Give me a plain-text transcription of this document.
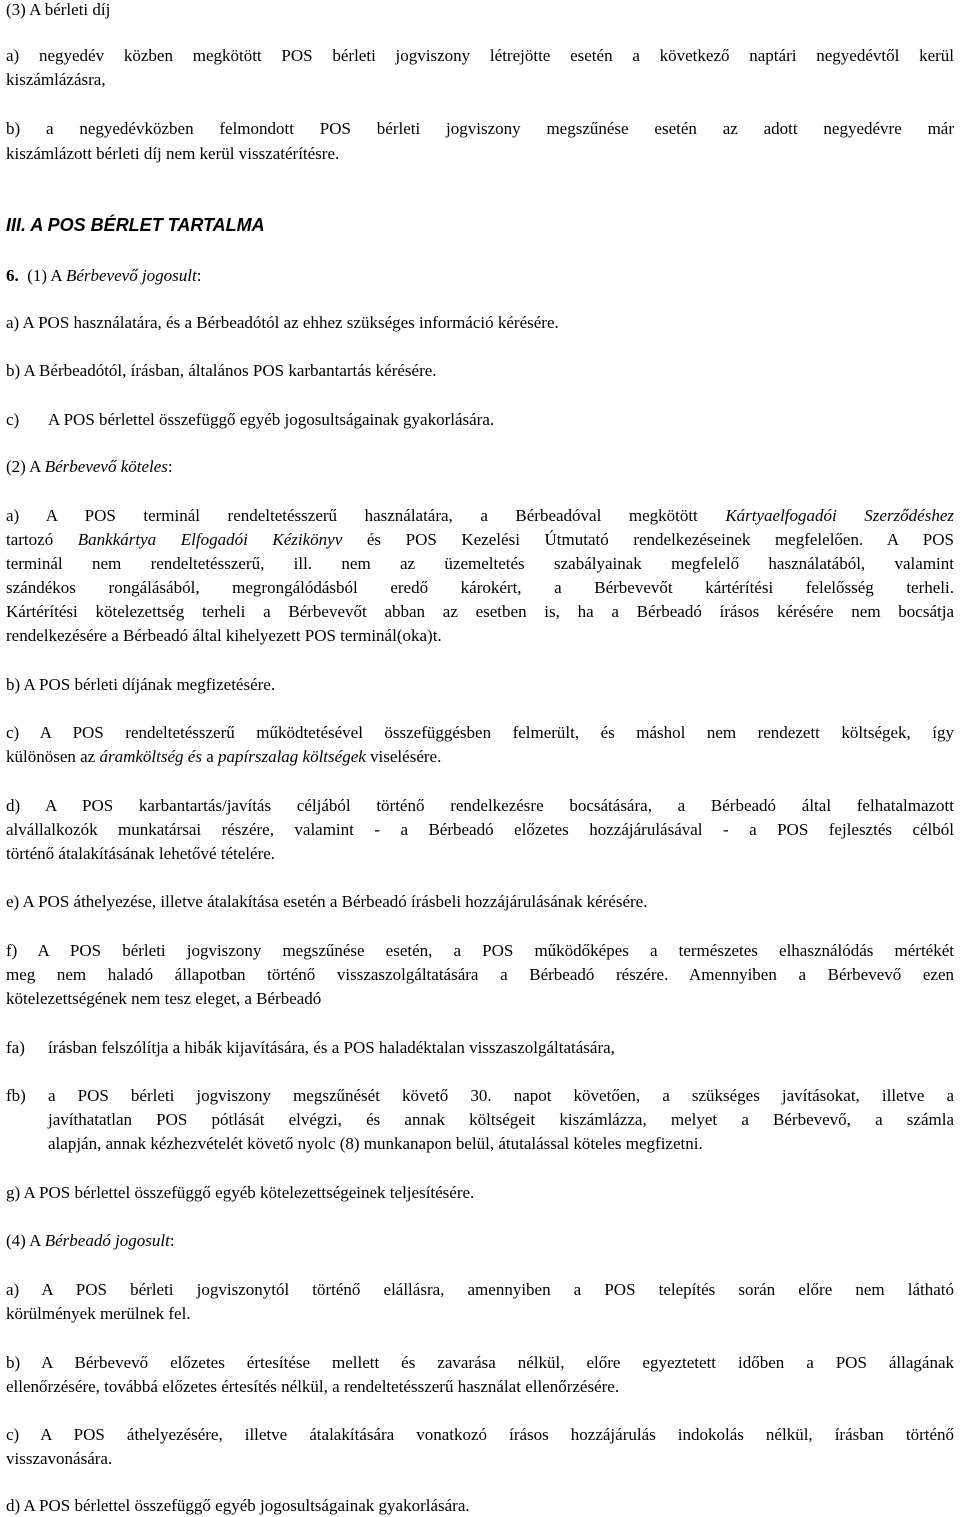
(3) A bérleti díj
a) negyedév közben megkötött POS bérleti jogviszony létrejötte esetén a következő naptári negyedévtől kerül
kiszámlázásra,
b) a negyedévközben felmondott POS bérleti jogviszony megszűnése esetén az adott negyedévre már
kiszámlázott bérleti díj nem kerül visszatérítésre.
III. A POS BÉRLET TARTALMA
6. (1) A Bérbevevő jogosult:
a) A POS használatára, és a Bérbeadótól az ehhez szükséges információ kérésére.
b) A Bérbeadótól, írásban, általános POS karbantartás kérésére.
c) A POS bérlettel összefüggő egyéb jogosultságainak gyakorlására.
(2) A Bérbevevő köteles:
a) A POS terminál rendeltetésszerű használatára, a Bérbeadóval megkötött Kártyaelfogadói Szerződéshez
tartozó Bankkártya Elfogadói Kézikönyv és POS Kezelési Útmutató rendelkezéseinek megfelelően. A POS
terminál nem rendeltetésszerű, ill. nem az üzemeltetés szabályainak megfelelő használatából, valamint
szándékos rongálásából, megrongálódásból eredő károkért, a Bérbevevőt kártérítési felelősség terheli.
Kártérítési kötelezettség terheli a Bérbevevőt abban az esetben is, ha a Bérbeadó írásos kérésére nem bocsátja
rendelkezésére a Bérbeadó által kihelyezett POS terminál(oka)t.
b) A POS bérleti díjának megfizetésére.
c) A POS rendeltetésszerű működtetésével összefüggésben felmerült, és máshol nem rendezett költségek, így
különösen az áramköltség és a papírszalag költségek viselésére.
d) A POS karbantartás/javítás céljából történő rendelkezésre bocsátására, a Bérbeadó által felhatalmazott
alvállalkozók munkatársai részére, valamint - a Bérbeadó előzetes hozzájárulásával - a POS fejlesztés célból
történő átalakításának lehetővé tételére.
e) A POS áthelyezése, illetve átalakítása esetén a Bérbeadó írásbeli hozzájárulásának kérésére.
f) A POS bérleti jogviszony megszűnése esetén, a POS működőképes a természetes elhasználódás mértékét
meg nem haladó állapotban történő visszaszolgáltatására a Bérbeadó részére. Amennyiben a Bérbevevő ezen
kötelezettségének nem tesz eleget, a Bérbeadó
fa) írásban felszólítja a hibák kijavítására, és a POS haladéktalan visszaszolgáltatására,
fb) a POS bérleti jogviszony megszűnését követő 30. napot követően, a szükséges javításokat, illetve a
javíthatatlan POS pótlását elvégzi, és annak költségeit kiszámlázza, melyet a Bérbevevő, a számla
alapján, annak kézhezvételét követő nyolc (8) munkanapon belül, átutalással köteles megfizetni.
g) A POS bérlettel összefüggő egyéb kötelezettségeinek teljesítésére.
(4) A Bérbeadó jogosult:
a) A POS bérleti jogviszonytól történő elállásra, amennyiben a POS telepítés során előre nem látható
körülmények merülnek fel.
b) A Bérbevevő előzetes értesítése mellett és zavarása nélkül, előre egyeztetett időben a POS állagának
ellenőrzésére, továbbá előzetes értesítés nélkül, a rendeltetésszerű használat ellenőrzésére.
c) A POS áthelyezésére, illetve átalakítására vonatkozó írásos hozzájárulás indokolás nélkül, írásban történő
visszavonására.
d) A POS bérlettel összefüggő egyéb jogosultságainak gyakorlására.
